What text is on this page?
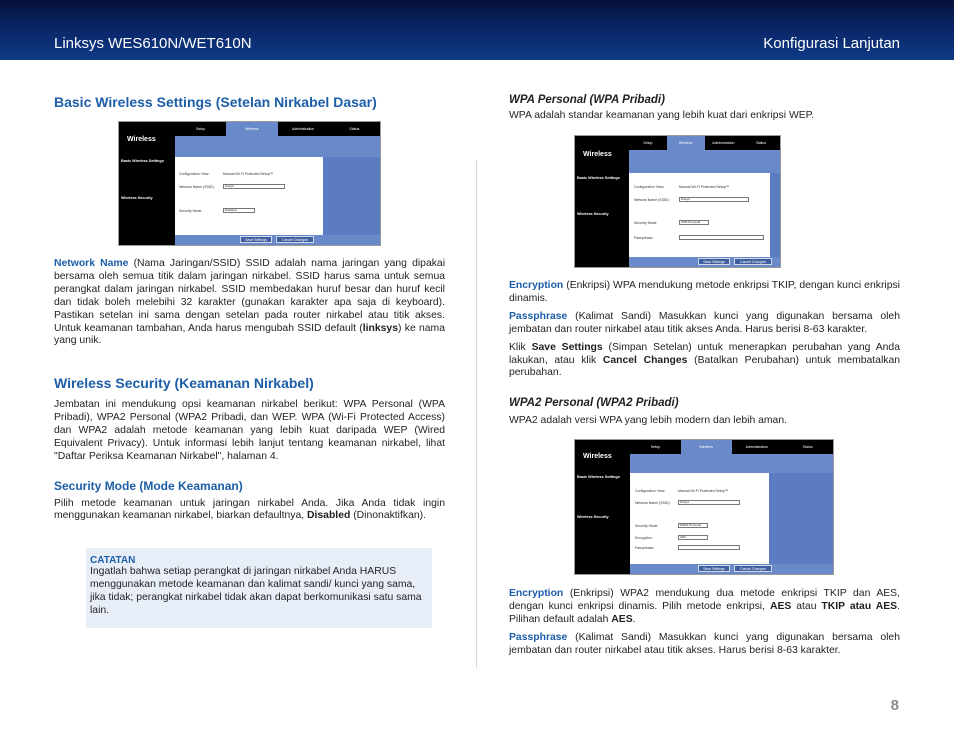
Linksys WES610N/WET610N	Konfigurasi Lanjutan
Basic Wireless Settings (Setelan Nirkabel Dasar)
Wireless
Setup	Wireless	Administration	Status
Basic Wireless Settings
Wireless Security
Configuration View:	Manual Wi-Fi Protected Setup™
Network Name (SSID):	linksys
Security Mode:	Disabled
Save Settings	Cancel Changes

Network Name (Nama Jaringan/SSID) SSID adalah nama jaringan yang dipakai bersama oleh semua titik dalam jaringan nirkabel. SSID harus sama untuk semua perangkat dalam jaringan nirkabel. SSID membedakan huruf besar dan huruf kecil dan tidak boleh melebihi 32 karakter (gunakan karakter apa saja di keyboard). Pastikan setelan ini sama dengan setelan pada router nirkabel atau titik akses. Untuk keamanan tambahan, Anda harus mengubah SSID default (linksys) ke nama yang unik.

Wireless Security (Keamanan Nirkabel)

Jembatan ini mendukung opsi keamanan nirkabel berikut: WPA Personal (WPA Pribadi), WPA2 Personal (WPA2 Pribadi, dan WEP. WPA (Wi-Fi Protected Access) dan WPA2 adalah metode keamanan yang lebih kuat daripada WEP (Wired Equivalent Privacy). Untuk informasi lebih lanjut tentang keamanan nirkabel, lihat "Daftar Periksa Keamanan Nirkabel", halaman 4.

Security Mode (Mode Keamanan)

Pilih metode keamanan untuk jaringan nirkabel Anda. Jika Anda tidak ingin menggunakan keamanan nirkabel, biarkan defaultnya, Disabled (Dinonaktifkan).

CATATAN

Ingatlah bahwa setiap perangkat di jaringan nirkabel Anda HARUS menggunakan metode keamanan dan kalimat sandi/ kunci yang sama, jika tidak; perangkat nirkabel tidak akan dapat berkomunikasi satu sama lain.

WPA Personal (WPA Pribadi)

WPA adalah standar keamanan yang lebih kuat dari enkripsi WEP.

Wireless
Setup	Wireless	Administration	Status
Basic Wireless Settings
Wireless Security
Configuration View:	Manual Wi-Fi Protected Setup™
Network Name (SSID):	linksys
Security Mode:	WPA Personal
Passphrase:
Save Settings	Cancel Changes

Encryption (Enkripsi) WPA mendukung metode enkripsi TKIP, dengan kunci enkripsi dinamis.

Passphrase (Kalimat Sandi) Masukkan kunci yang digunakan bersama oleh jembatan dan router nirkabel atau titik akses Anda. Harus berisi 8-63 karakter.

Klik Save Settings (Simpan Setelan) untuk menerapkan perubahan yang Anda lakukan, atau klik Cancel Changes (Batalkan Perubahan) untuk membatalkan perubahan.

WPA2 Personal (WPA2 Pribadi)

WPA2 adalah versi WPA yang lebih modern dan lebih aman.

Wireless
Setup	Wireless	Administration	Status
Basic Wireless Settings
Wireless Security
Configuration View:	Manual Wi-Fi Protected Setup™
Network Name (SSID):	linksys
Security Mode:	WPA2 Personal
Encryption:	AES
Passphrase:
Save Settings	Cancel Changes

Encryption (Enkripsi) WPA2 mendukung dua metode enkripsi TKIP dan AES, dengan kunci enkripsi dinamis. Pilih metode enkripsi, AES atau TKIP atau AES. Pilihan default adalah AES.

Passphrase (Kalimat Sandi) Masukkan kunci yang digunakan bersama oleh jembatan dan router nirkabel atau titik akses. Harus berisi 8-63 karakter.

8
